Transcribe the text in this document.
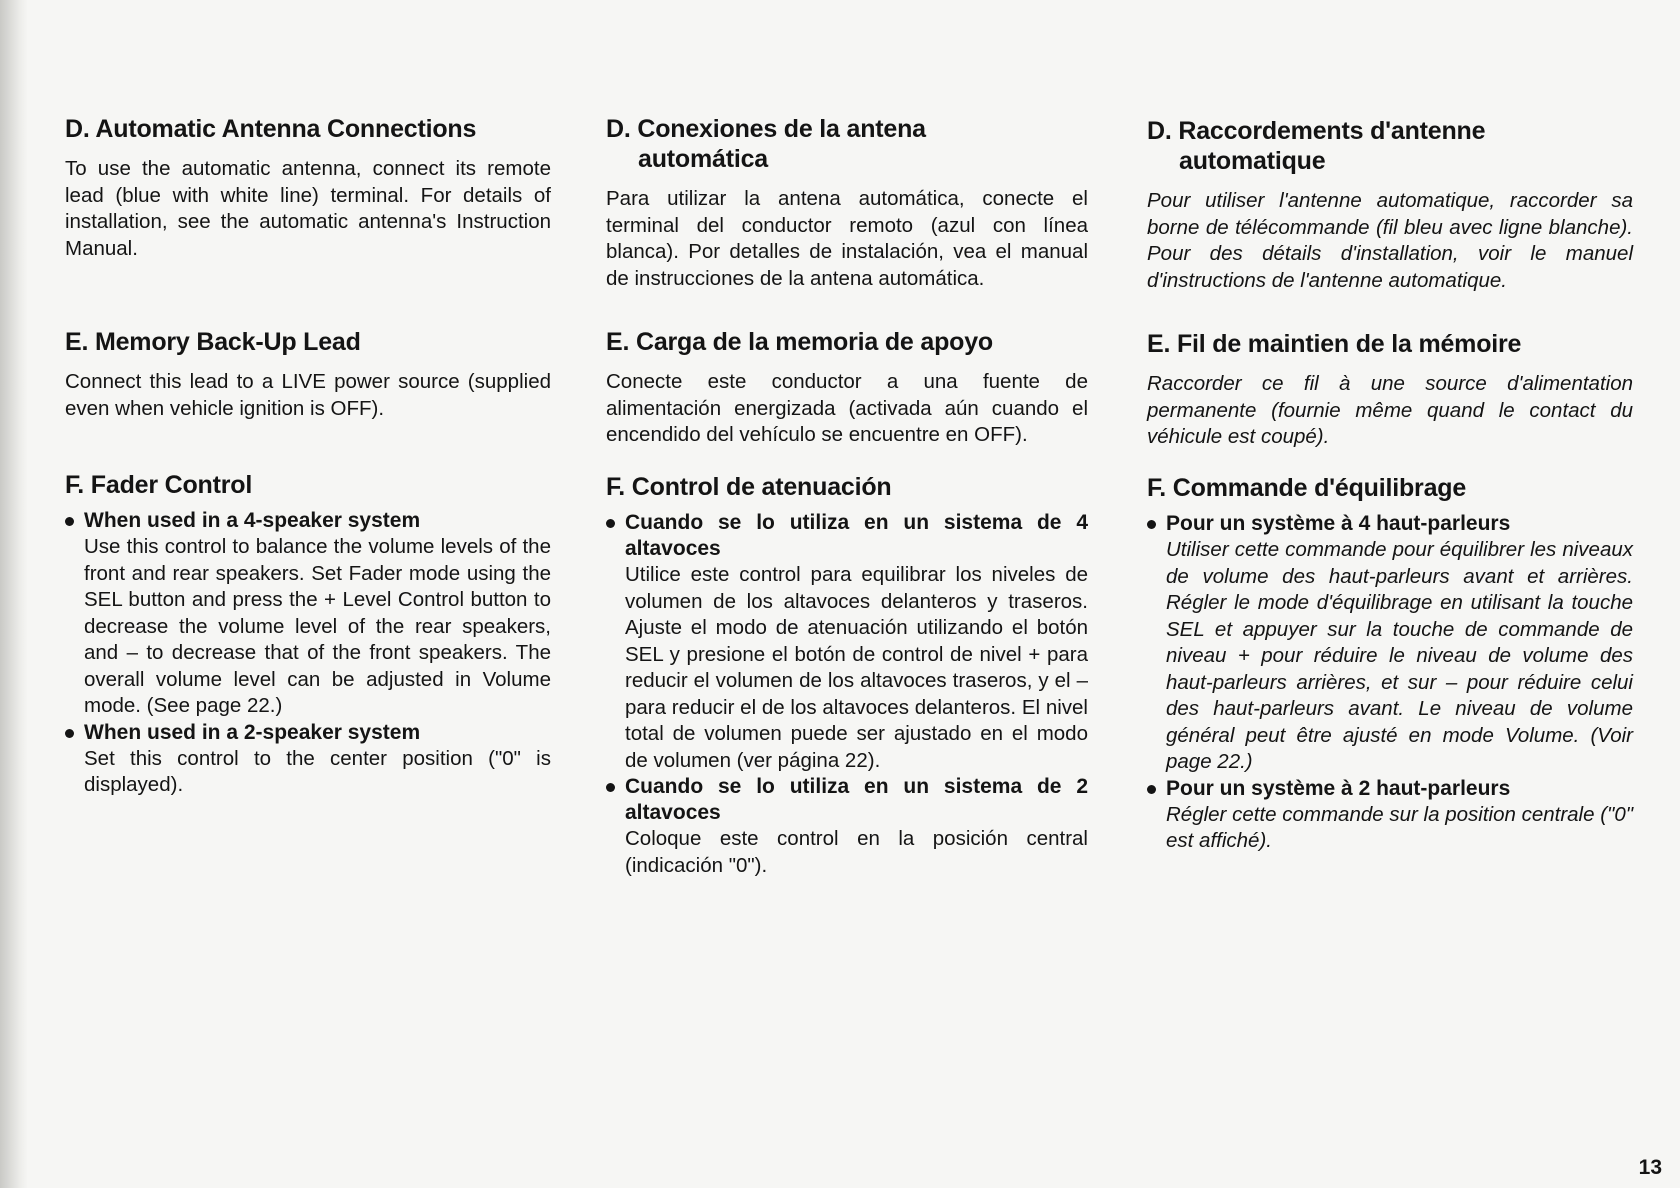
D. Automatic Antenna Connections

To use the automatic antenna, connect its remote lead (blue with white line) terminal. For details of installation, see the automatic antenna's Instruction Manual.

E. Memory Back-Up Lead

Connect this lead to a LIVE power source (supplied even when vehicle ignition is OFF).

F. Fader Control
When used in a 4-speaker system
Use this control to balance the volume levels of the front and rear speakers. Set Fader mode using the SEL button and press the + Level Control button to decrease the volume level of the rear speakers, and – to decrease that of the front speakers. The overall volume level can be adjusted in Volume mode. (See page 22.)
When used in a 2-speaker system
Set this control to the center position ("0" is displayed).
D. Conexiones de la antena
automática

Para utilizar la antena automática, conecte el terminal del conductor remoto (azul con línea blanca). Por detalles de instalación, vea el manual de instrucciones de la antena automática.

E. Carga de la memoria de apoyo

Conecte este conductor a una fuente de alimentación energizada (activada aún cuando el encendido del vehículo se encuentre en OFF).

F. Control de atenuación
Cuando se lo utiliza en un sistema de 4 altavoces
Utilice este control para equilibrar los niveles de volumen de los altavoces delanteros y traseros. Ajuste el modo de atenuación utilizando el botón SEL y presione el botón de control de nivel + para reducir el volumen de los altavoces traseros, y el – para reducir el de los altavoces delanteros. El nivel total de volumen puede ser ajustado en el modo de volumen (ver página 22).
Cuando se lo utiliza en un sistema de 2 altavoces
Coloque este control en la posición central (indicación "0").
D. Raccordements d'antenne
automatique

Pour utiliser l'antenne automatique, raccorder sa borne de télécommande (fil bleu avec ligne blanche). Pour des détails d'installation, voir le manuel d'instructions de l'antenne automatique.

E. Fil de maintien de la mémoire

Raccorder ce fil à une source d'alimentation permanente (fournie même quand le contact du véhicule est coupé).

F. Commande d'équilibrage
Pour un système à 4 haut-parleurs
Utiliser cette commande pour équilibrer les niveaux de volume des haut-parleurs avant et arrières. Régler le mode d'équilibrage en utilisant la touche SEL et appuyer sur la touche de commande de niveau + pour réduire le niveau de volume des haut-parleurs arrières, et sur – pour réduire celui des haut-parleurs avant. Le niveau de volume général peut être ajusté en mode Volume. (Voir page 22.)
Pour un système à 2 haut-parleurs
Régler cette commande sur la position centrale ("0" est affiché).
13
